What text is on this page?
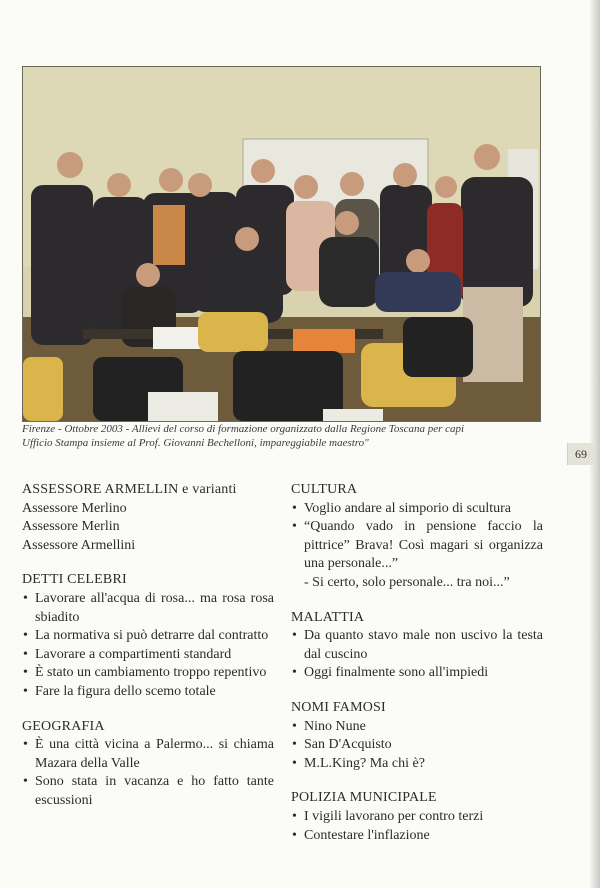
Firenze - Ottobre 2003 - Allievi del corso di formazione organizzato dalla Regione Toscana per capi
Ufficio Stampa insieme al Prof. Giovanni Bechelloni, impareggiabile maestro"
69
ASSESSORE ARMELLIN e varianti

Assessore Merlino

Assessore Merlin

Assessore Armellini

DETTI CELEBRI
• Lavorare all'acqua di rosa... ma rosa rosa sbiadito
• La normativa si può detrarre dal contratto
• Lavorare a compartimenti standard
• È stato un cambiamento troppo repentivo
• Fare la figura dello scemo totale
GEOGRAFIA
• È una città vicina a Palermo... si chiama Mazara della Valle
• Sono stata in vacanza e ho fatto tante escussioni
CULTURA
• Voglio andare al simporio di scultura
• “Quando vado in pensione faccio la pittrice” Brava! Così magari si organizza una personale...”
- Si certo, solo personale... tra noi...”
MALATTIA
• Da quanto stavo male non uscivo la testa dal cuscino
• Oggi finalmente sono all'impiedi
NOMI FAMOSI
• Nino Nune
• San D'Acquisto
• M.L.King? Ma chi è?
POLIZIA MUNICIPALE
• I vigili lavorano per contro terzi
• Contestare l'inflazione
